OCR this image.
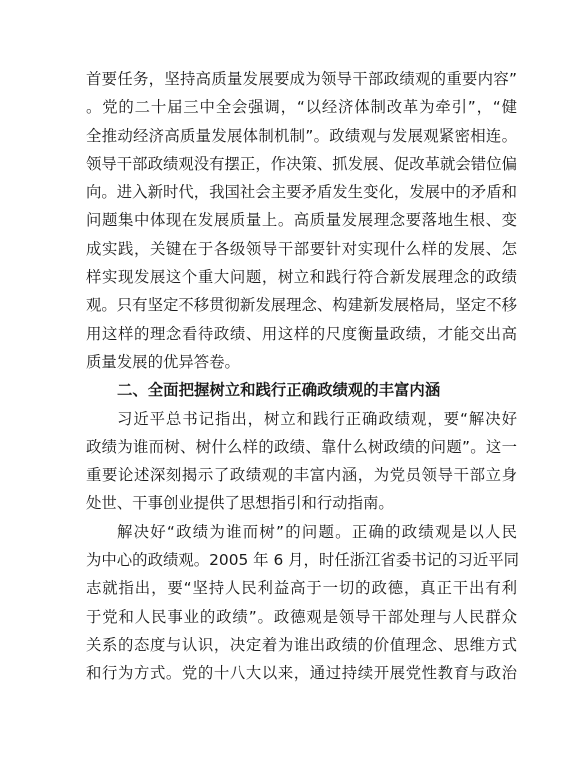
首要任务，坚持高质量发展要成为领导干部政绩观的重要内容”
。党的二十届三中全会强调，“以经济体制改革为牵引”，“健
全推动经济高质量发展体制机制”。政绩观与发展观紧密相连。
领导干部政绩观没有摆正，作决策、抓发展、促改革就会错位偏
向。进入新时代，我国社会主要矛盾发生变化，发展中的矛盾和
问题集中体现在发展质量上。高质量发展理念要落地生根、变
成实践，关键在于各级领导干部要针对实现什么样的发展、怎
样实现发展这个重大问题，树立和践行符合新发展理念的政绩
观。只有坚定不移贯彻新发展理念、构建新发展格局，坚定不移
用这样的理念看待政绩、用这样的尺度衡量政绩，才能交出高
质量发展的优异答卷。
二、全面把握树立和践行正确政绩观的丰富内涵
习近平总书记指出，树立和践行正确政绩观，要“解决好
政绩为谁而树、树什么样的政绩、靠什么树政绩的问题”。这一
重要论述深刻揭示了政绩观的丰富内涵，为党员领导干部立身
处世、干事创业提供了思想指引和行动指南。
解决好“政绩为谁而树”的问题。正确的政绩观是以人民
为中心的政绩观。2005 年 6 月，时任浙江省委书记的习近平同
志就指出，要“坚持人民利益高于一切的政德，真正干出有利
于党和人民事业的政绩”。政德观是领导干部处理与人民群众
关系的态度与认识，决定着为谁出政绩的价值理念、思维方式
和行为方式。党的十八大以来，通过持续开展党性教育与政治
